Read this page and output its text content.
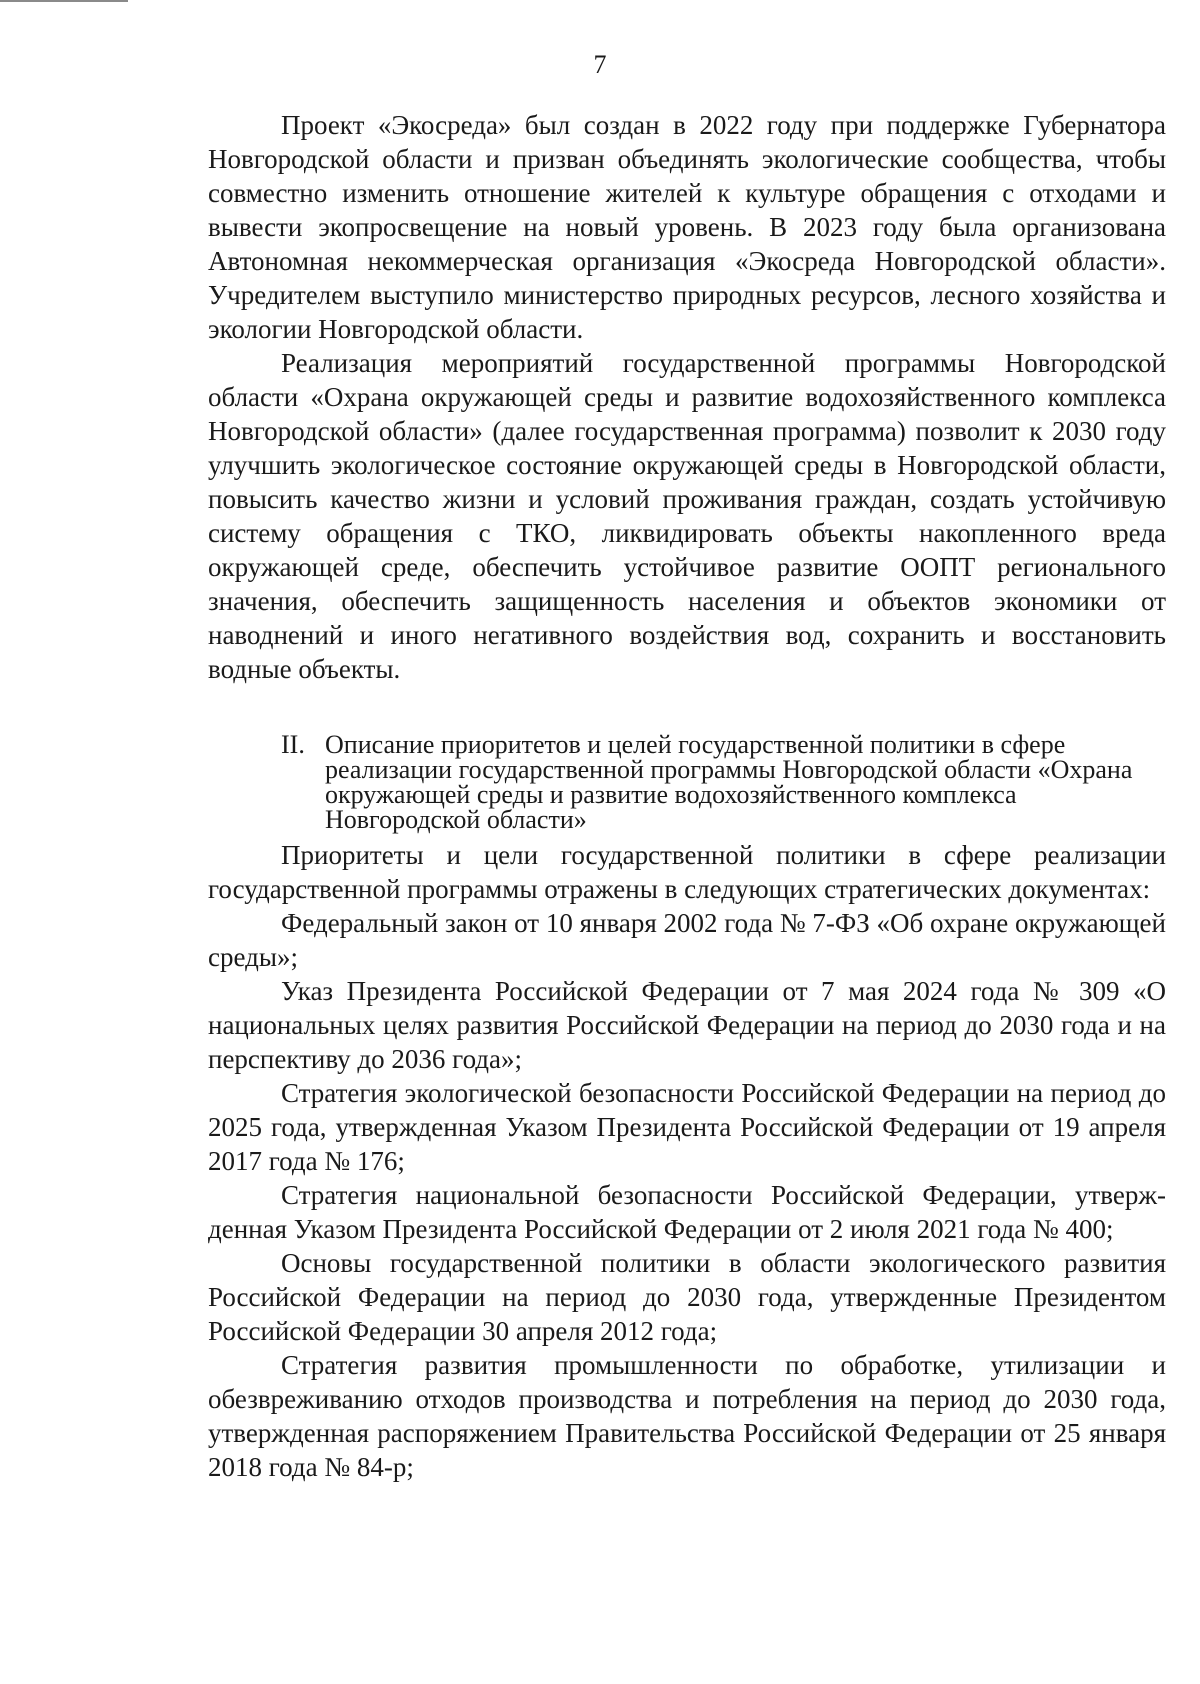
7

Проект «Экосреда» был создан в 2022 году при поддержке Губернатора Новгородской области и призван объединять экологические сообщества, чтобы совместно изменить отношение жителей к культуре обращения с отходами и вывести экопросвещение на новый уровень. В 2023 году была организована Автономная некоммерческая организация «Экосреда Новгородской области». Учредителем выступило министерство природных ресурсов, лесного хозяйства и экологии Новгородской области.

Реализация мероприятий государственной программы Новгородской области «Охрана окружающей среды и развитие водохозяйственного комплекса Новгородской области» (далее государственная программа) позволит к 2030 году улучшить экологическое состояние окружающей среды в Новгородской области, повысить качество жизни и условий проживания граждан, создать устойчивую систему обращения с ТКО, ликвидировать объекты накопленного вреда окружающей среде, обеспечить устойчивое развитие ООПТ регионального значения, обеспечить защищенность населения и объектов экономики от наводнений и иного негативного воздействия вод, сохранить и восстановить водные объекты.

II. Описание приоритетов и целей государственной политики в сфере реализации государственной программы Новгородской области «Охрана окружающей среды и развитие водохозяйственного комплекса Новгородской области»

Приоритеты и цели государственной политики в сфере реализации государственной программы отражены в следующих стратегических документах:

Федеральный закон от 10 января 2002 года № 7-ФЗ «Об охране окружающей среды»;

Указ Президента Российской Федерации от 7 мая 2024 года № 309 «О национальных целях развития Российской Федерации на период до 2030 года и на перспективу до 2036 года»;

Стратегия экологической безопасности Российской Федерации на период до 2025 года, утвержденная Указом Президента Российской Федерации от 19 апреля 2017 года № 176;

Стратегия национальной безопасности Российской Федерации, утверж-денная Указом Президента Российской Федерации от 2 июля 2021 года № 400;

Основы государственной политики в области экологического развития Российской Федерации на период до 2030 года, утвержденные Президентом Российской Федерации 30 апреля 2012 года;

Стратегия развития промышленности по обработке, утилизации и обезвреживанию отходов производства и потребления на период до 2030 года, утвержденная распоряжением Правительства Российской Федерации от 25 января 2018 года № 84-р;
